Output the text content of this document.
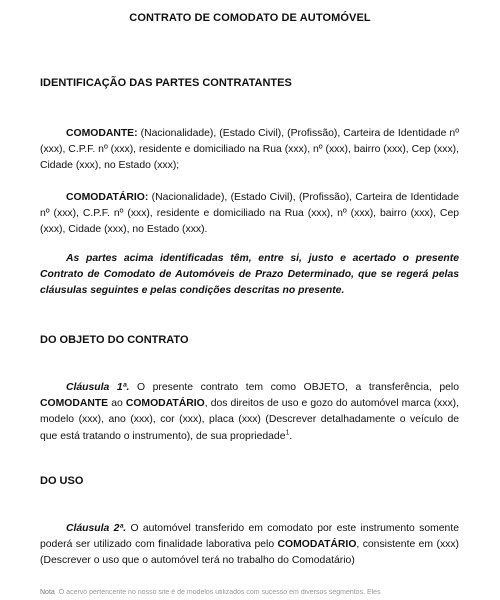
CONTRATO DE COMODATO DE AUTOMÓVEL
IDENTIFICAÇÃO DAS PARTES CONTRATANTES
COMODANTE: (Nacionalidade), (Estado Civil), (Profissão), Carteira de Identidade nº (xxx), C.P.F. nº (xxx), residente e domiciliado na Rua (xxx), nº (xxx), bairro (xxx), Cep (xxx), Cidade (xxx), no Estado (xxx);
COMODATÁRIO: (Nacionalidade), (Estado Civil), (Profissão), Carteira de Identidade nº (xxx), C.P.F. nº (xxx), residente e domiciliado na Rua (xxx), nº (xxx), bairro (xxx), Cep (xxx), Cidade (xxx), no Estado (xxx).
As partes acima identificadas têm, entre si, justo e acertado o presente Contrato de Comodato de Automóveis de Prazo Determinado, que se regerá pelas cláusulas seguintes e pelas condições descritas no presente.
DO OBJETO DO CONTRATO
Cláusula 1ª. O presente contrato tem como OBJETO, a transferência, pelo COMODANTE ao COMODATÁRIO, dos direitos de uso e gozo do automóvel marca (xxx), modelo (xxx), ano (xxx), cor (xxx), placa (xxx) (Descrever detalhadamente o veículo de que está tratando o instrumento), de sua propriedade$^1$.
DO USO
Cláusula 2ª. O automóvel transferido em comodato por este instrumento somente poderá ser utilizado com finalidade laborativa pelo COMODATÁRIO, consistente em (xxx) (Descrever o uso que o automóvel terá no trabalho do Comodatário)
Nota O acervo pertencente no nosso site é de modelos utilizados com sucesso em diversos segmentos. Eles
